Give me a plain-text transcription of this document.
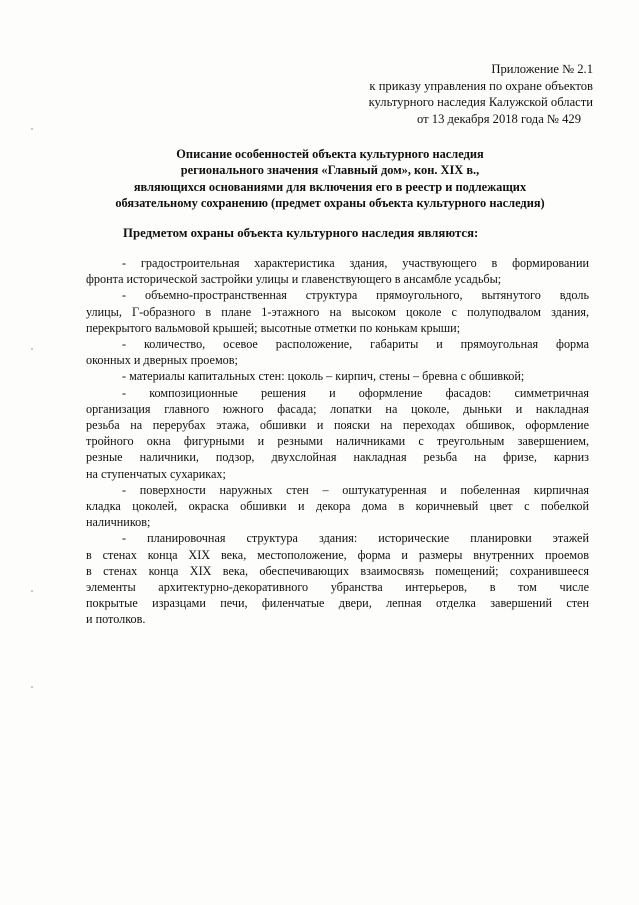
Приложение № 2.1
к приказу управления по охране объектов
культурного наследия Калужской области
от 13 декабря 2018 года № 429
Описание особенностей объекта культурного наследия
регионального значения «Главный дом», кон. XIX в.,
являющихся основаниями для включения его в реестр и подлежащих
обязательному сохранению (предмет охраны объекта культурного наследия)
Предметом охраны объекта культурного наследия являются:

- градостроительная характеристика здания, участвующего в формировании

фронта исторической застройки улицы и главенствующего в ансамбле усадьбы;

- объемно-пространственная структура прямоугольного, вытянутого вдоль

улицы, Г-образного в плане 1-этажного на высоком цоколе с полуподвалом здания,

перекрытого вальмовой крышей; высотные отметки по конькам крыши;

- количество, осевое расположение, габариты и прямоугольная форма

оконных и дверных проемов;

- материалы капитальных стен: цоколь – кирпич, стены – бревна с обшивкой;

- композиционные решения и оформление фасадов: симметричная

организация главного южного фасада; лопатки на цоколе, дыньки и накладная

резьба на перерубах этажа, обшивки и пояски на переходах обшивок, оформление

тройного окна фигурными и резными наличниками с треугольным завершением,

резные наличники, подзор, двухслойная накладная резьба на фризе, карниз

на ступенчатых сухариках;

- поверхности наружных стен – оштукатуренная и побеленная кирпичная

кладка цоколей, окраска обшивки и декора дома в коричневый цвет с побелкой

наличников;

- планировочная структура здания: исторические планировки этажей

в стенах конца XIX века, местоположение, форма и размеры внутренних проемов

в стенах конца XIX века, обеспечивающих взаимосвязь помещений; сохранившееся

элементы архитектурно-декоративного убранства интерьеров, в том числе

покрытые изразцами печи, филенчатые двери, лепная отделка завершений стен

и потолков.
